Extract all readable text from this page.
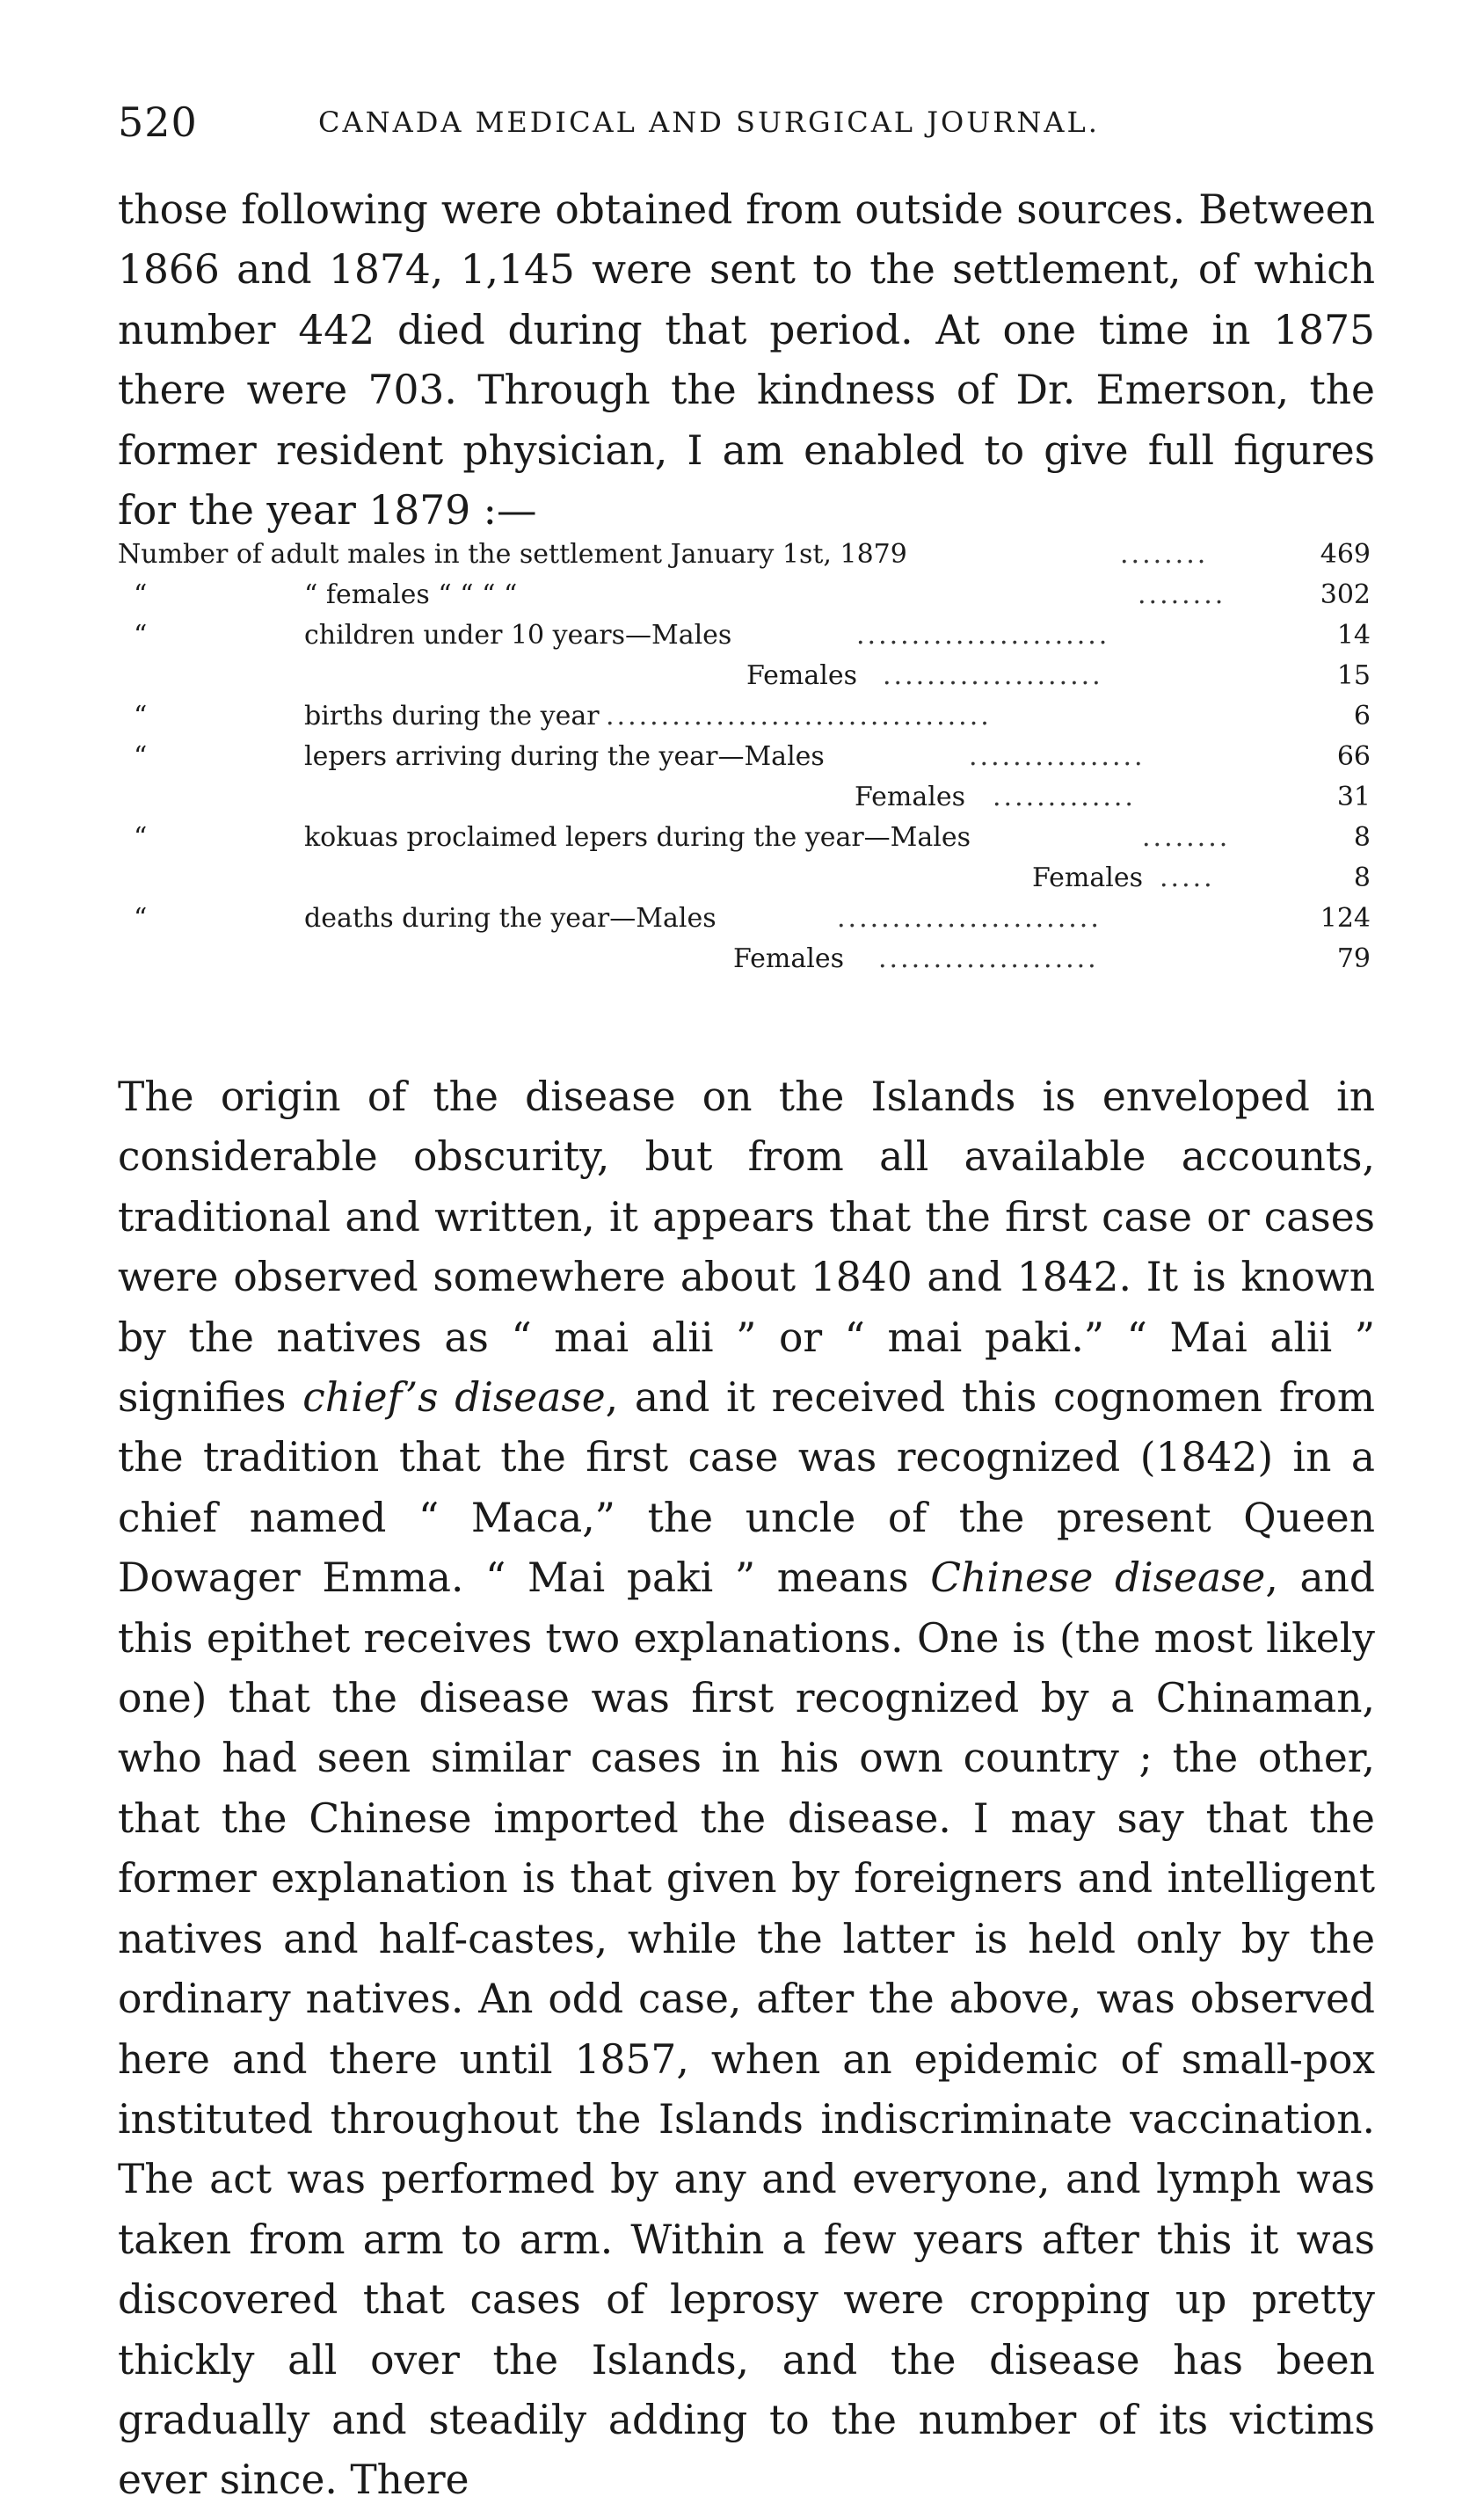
520	CANADA MEDICAL AND SURGICAL JOURNAL.

those following were obtained from outside sources. Between 1866 and 1874, 1,145 were sent to the settlement, of which number 442 died during that period. At one time in 1875 there were 703. Through the kindness of Dr. Emerson, the former resident physician, I am enabled to give full figures for the year 1879 :—

Number of adult males in the settlement January 1st, 1879	........	469
“	“ females “ “ “ “	........	302
“	children under 10 years—Males	.......................	14
Females ....................	15
“	births during the year ...................................	6
“	lepers arriving during the year—Males	................	66
Females .............	31
“	kokuas proclaimed lepers during the year—Males	........	8
Females .....	8
“	deaths during the year—Males	........................	124
Females ....................	79

The origin of the disease on the Islands is enveloped in considerable obscurity, but from all available accounts, traditional and written, it appears that the first case or cases were observed somewhere about 1840 and 1842. It is known by the natives as “ mai alii ” or “ mai paki.” “ Mai alii ” signifies chief’s disease, and it received this cognomen from the tradition that the first case was recognized (1842) in a chief named “ Maca,” the uncle of the present Queen Dowager Emma. “ Mai paki ” means Chinese disease, and this epithet receives two explanations. One is (the most likely one) that the disease was first recognized by a Chinaman, who had seen similar cases in his own country ; the other, that the Chinese imported the disease. I may say that the former explanation is that given by foreigners and intelligent natives and half-castes, while the latter is held only by the ordinary natives. An odd case, after the above, was observed here and there until 1857, when an epidemic of small-pox instituted throughout the Islands indiscriminate vaccination. The act was performed by any and everyone, and lymph was taken from arm to arm. Within a few years after this it was discovered that cases of leprosy were cropping up pretty thickly all over the Islands, and the disease has been gradually and steadily adding to the number of its victims ever since. There
